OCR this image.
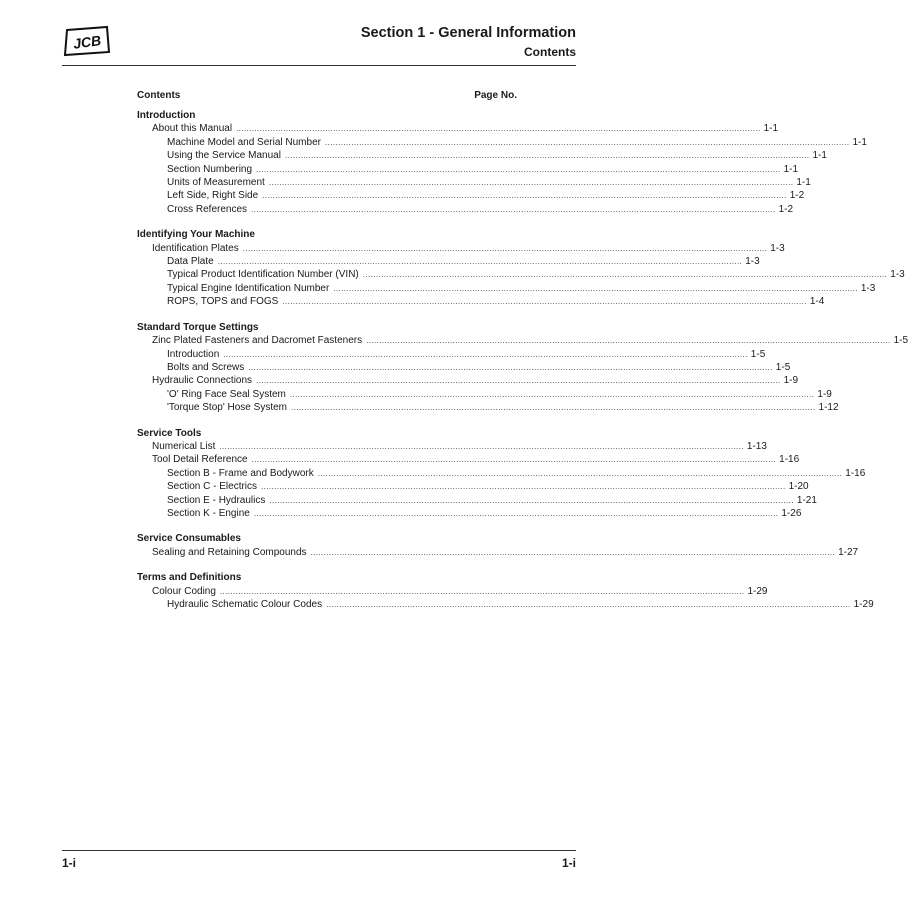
JCB	Section 1 - General Information
Contents
Contents	Page No.
Introduction
About this Manual ........................................................................................................................................................................................................ 1-1
Machine Model and Serial Number ........................................................................................................................................................................................................ 1-1
Using the Service Manual ........................................................................................................................................................................................................ 1-1
Section Numbering ........................................................................................................................................................................................................ 1-1
Units of Measurement ........................................................................................................................................................................................................ 1-1
Left Side, Right Side ........................................................................................................................................................................................................ 1-2
Cross References ........................................................................................................................................................................................................ 1-2
Identifying Your Machine
Identification Plates ........................................................................................................................................................................................................ 1-3
Data Plate ........................................................................................................................................................................................................ 1-3
Typical Product Identification Number (VIN) ........................................................................................................................................................................................................ 1-3
Typical Engine Identification Number ........................................................................................................................................................................................................ 1-3
ROPS, TOPS and FOGS ........................................................................................................................................................................................................ 1-4
Standard Torque Settings
Zinc Plated Fasteners and Dacromet Fasteners ........................................................................................................................................................................................................ 1-5
Introduction ........................................................................................................................................................................................................ 1-5
Bolts and Screws ........................................................................................................................................................................................................ 1-5
Hydraulic Connections ........................................................................................................................................................................................................ 1-9
'O' Ring Face Seal System ........................................................................................................................................................................................................ 1-9
'Torque Stop' Hose System ........................................................................................................................................................................................................ 1-12
Service Tools
Numerical List ........................................................................................................................................................................................................ 1-13
Tool Detail Reference ........................................................................................................................................................................................................ 1-16
Section B - Frame and Bodywork ........................................................................................................................................................................................................ 1-16
Section C - Electrics ........................................................................................................................................................................................................ 1-20
Section E - Hydraulics ........................................................................................................................................................................................................ 1-21
Section K - Engine ........................................................................................................................................................................................................ 1-26
Service Consumables
Sealing and Retaining Compounds ........................................................................................................................................................................................................ 1-27
Terms and Definitions
Colour Coding ........................................................................................................................................................................................................ 1-29
Hydraulic Schematic Colour Codes ........................................................................................................................................................................................................ 1-29
1-i	1-i
